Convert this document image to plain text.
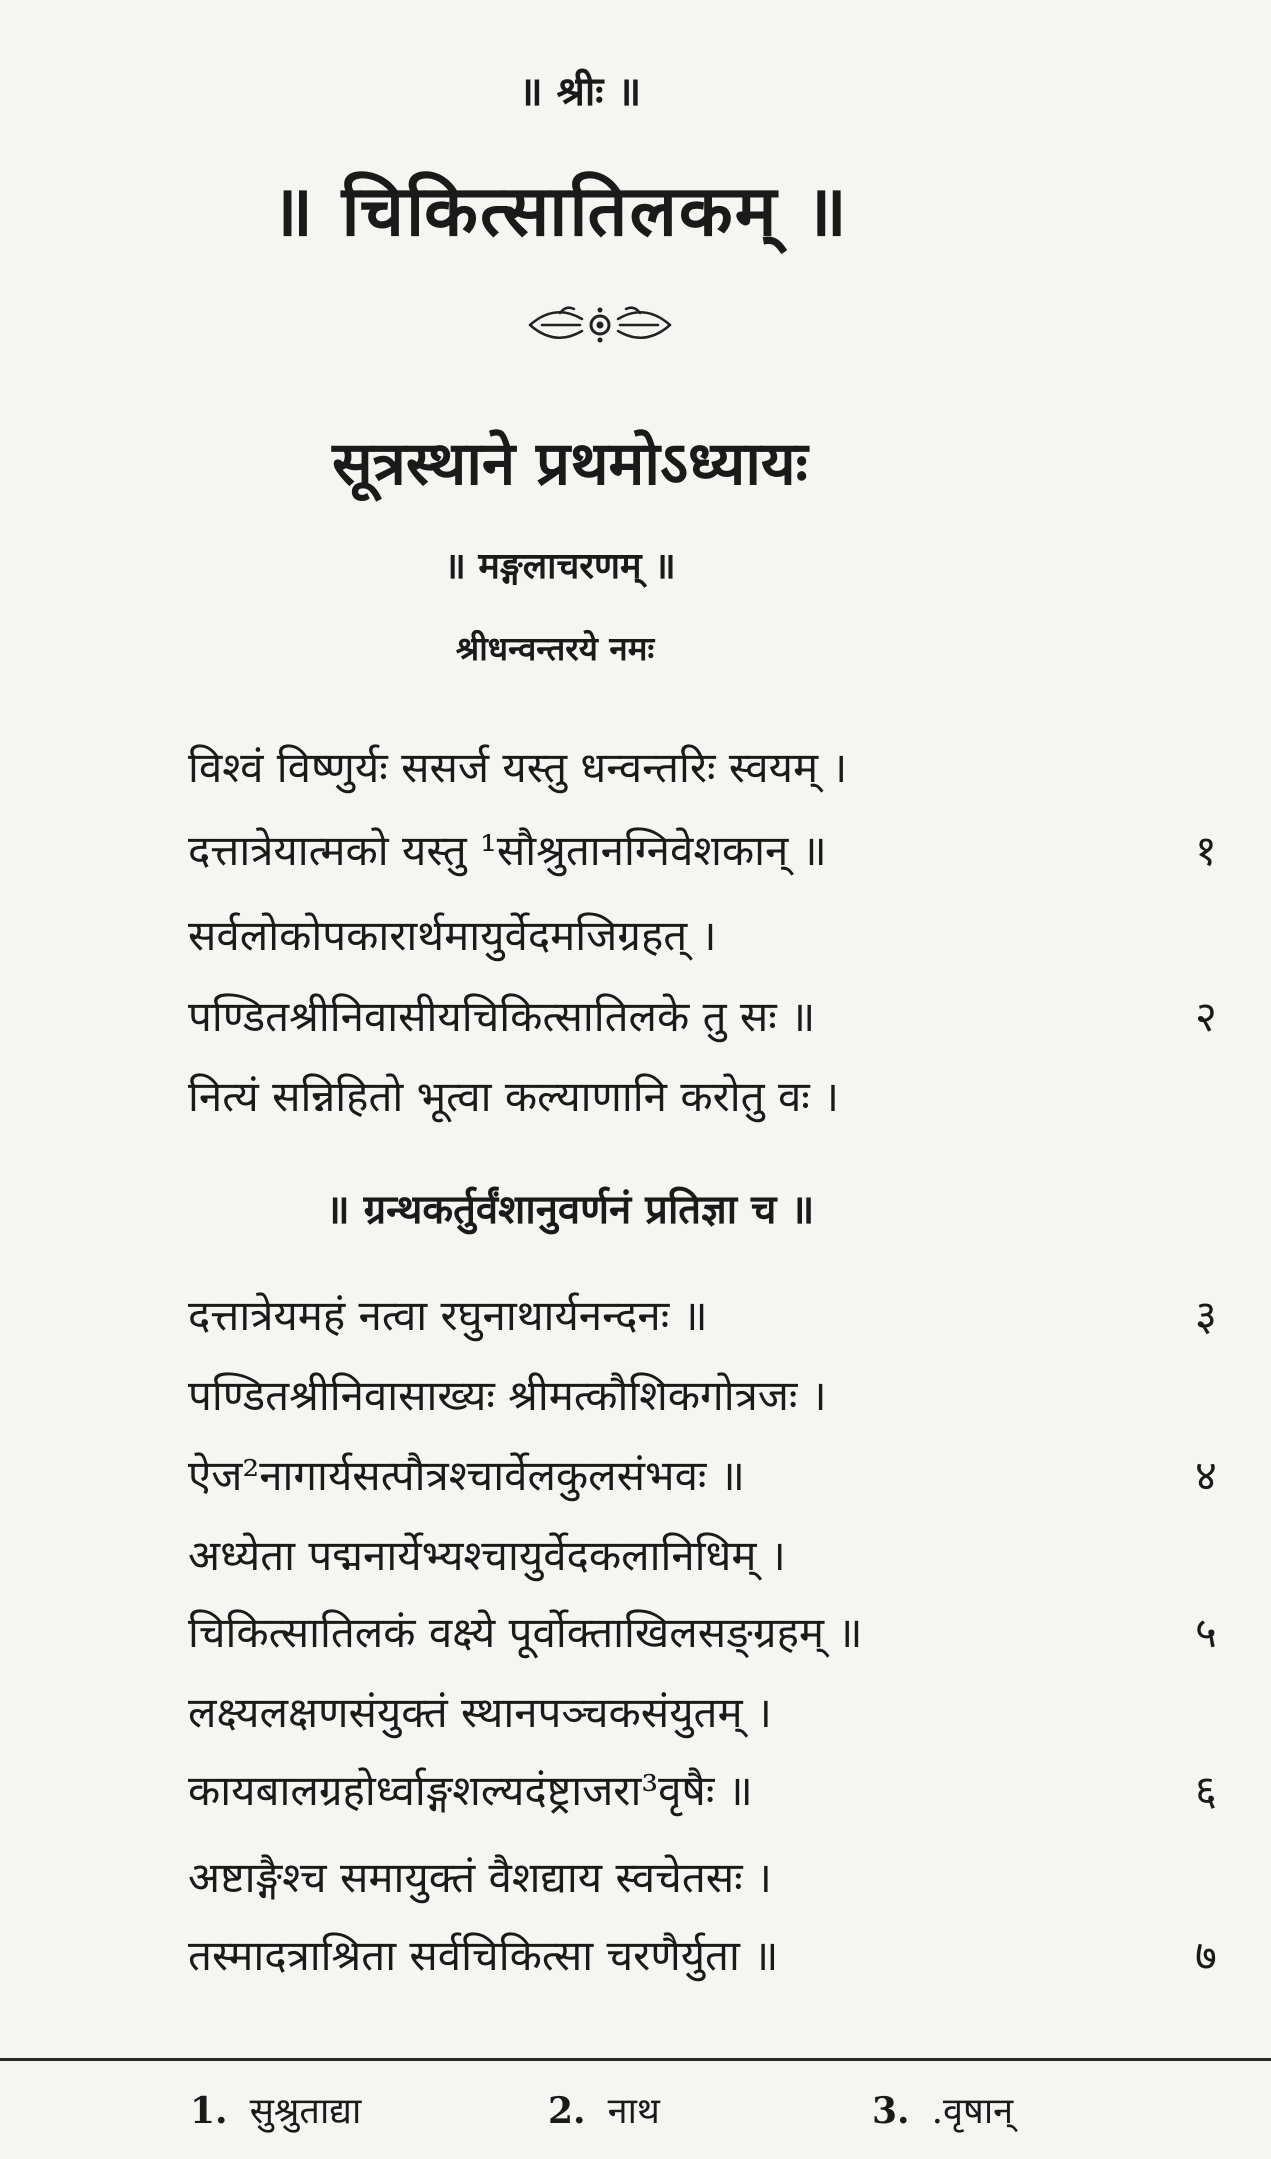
॥ श्रीः ॥
॥ चिकित्सातिलकम् ॥
सूत्रस्थाने प्रथमोऽध्यायः
॥ मङ्गलाचरणम् ॥
श्रीधन्वन्तरये नमः
विश्वं विष्णुर्यः ससर्ज यस्तु धन्वन्तरिः स्वयम् ।
दत्तात्रेयात्मको यस्तु ¹सौश्रुतानग्निवेशकान् ॥	१
सर्वलोकोपकारार्थमायुर्वेदमजिग्रहत् ।
पण्डितश्रीनिवासीयचिकित्सातिलके तु सः ॥	२
नित्यं सन्निहितो भूत्वा कल्याणानि करोतु वः ।
॥ ग्रन्थकर्तुर्वंशानुवर्णनं प्रतिज्ञा च ॥
दत्तात्रेयमहं नत्वा रघुनाथार्यनन्दनः ॥	३
पण्डितश्रीनिवासाख्यः श्रीमत्कौशिकगोत्रजः ।
ऐज²नागार्यसत्पौत्रश्चार्वेलकुलसंभवः ॥	४
अध्येता पद्मनार्येभ्यश्चायुर्वेदकलानिधिम् ।
चिकित्सातिलकं वक्ष्ये पूर्वोक्ताखिलसङ्ग्रहम् ॥	५
लक्ष्यलक्षणसंयुक्तं स्थानपञ्चकसंयुतम् ।
कायबालग्रहोर्ध्वाङ्गशल्यदंष्ट्राजरा³वृषैः ॥	६
अष्टाङ्गैश्च समायुक्तं वैशद्याय स्वचेतसः ।
तस्मादत्राश्रिता सर्वचिकित्सा चरणैर्युता ॥	७
1. सुश्रुताद्या	2. नाथ	3. .वृषान्
